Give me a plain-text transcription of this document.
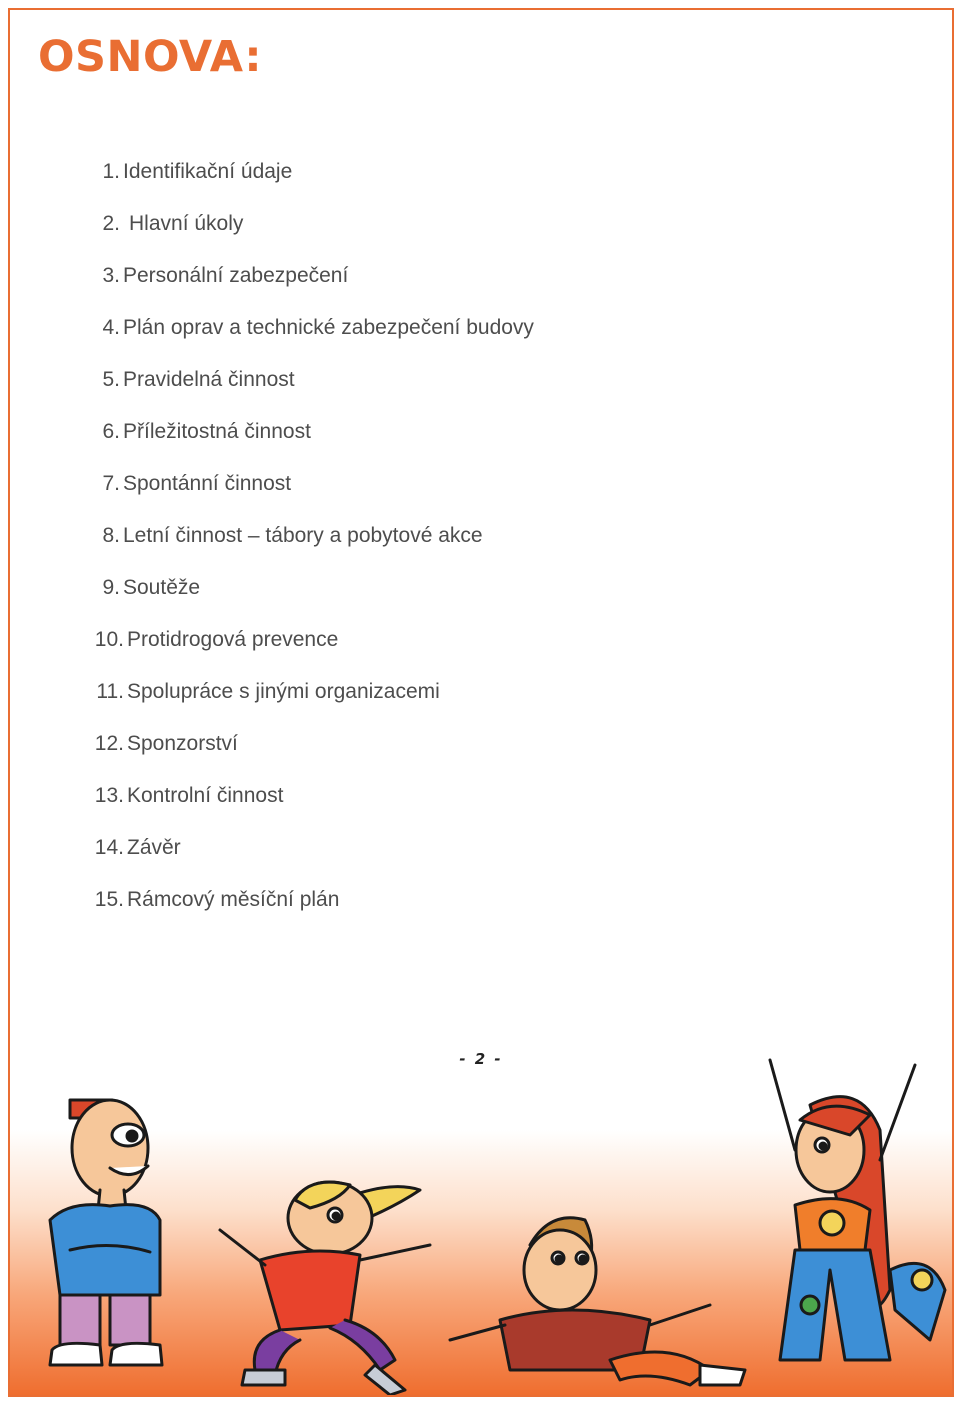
OSNOVA:
1. Identifikační údaje
2. Hlavní úkoly
3. Personální zabezpečení
4. Plán oprav a technické zabezpečení budovy
5. Pravidelná činnost
6. Příležitostná činnost
7. Spontánní činnost
8. Letní činnost – tábory a pobytové akce
9. Soutěže
10. Protidrogová prevence
11. Spolupráce s jinými organizacemi
12. Sponzorství
13. Kontrolní činnost
14. Závěr
15. Rámcový měsíční plán
- 2 -
